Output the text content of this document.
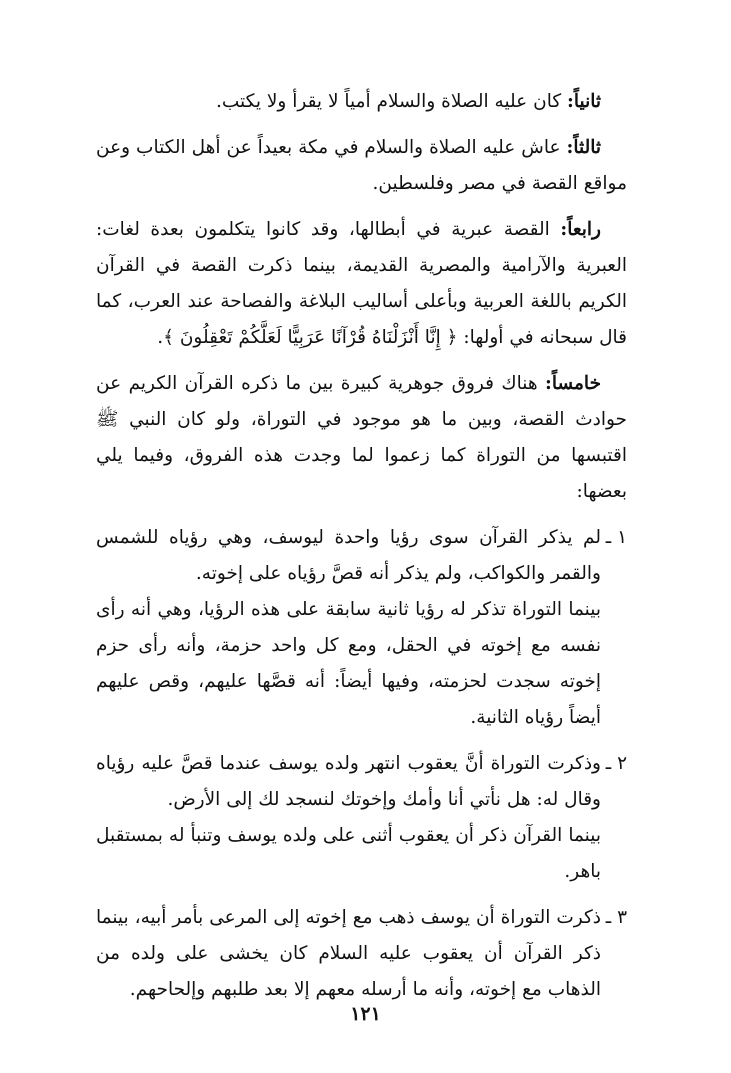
ثانياً: كان عليه الصلاة والسلام أمياً لا يقرأ ولا يكتب.

ثالثاً: عاش عليه الصلاة والسلام في مكة بعيداً عن أهل الكتاب وعن مواقع القصة في مصر وفلسطين.

رابعاً: القصة عبرية في أبطالها، وقد كانوا يتكلمون بعدة لغات: العبرية والآرامية والمصرية القديمة، بينما ذكرت القصة في القرآن الكريم باللغة العربية وبأعلى أساليب البلاغة والفصاحة عند العرب، كما قال سبحانه في أولها: ﴿ إِنَّا أَنْزَلْنَاهُ قُرْآنًا عَرَبِيًّا لَعَلَّكُمْ تَعْقِلُونَ ﴾.

خامساً: هناك فروق جوهرية كبيرة بين ما ذكره القرآن الكريم عن حوادث القصة، وبين ما هو موجود في التوراة، ولو كان النبي ﷺ اقتبسها من التوراة كما زعموا لما وجدت هذه الفروق، وفيما يلي بعضها:

١ ـ
لم يذكر القرآن سوى رؤيا واحدة ليوسف، وهي رؤياه للشمس والقمر والكواكب، ولم يذكر أنه قصَّ رؤياه على إخوته.

بينما التوراة تذكر له رؤيا ثانية سابقة على هذه الرؤيا، وهي أنه رأى نفسه مع إخوته في الحقل، ومع كل واحد حزمة، وأنه رأى حزم إخوته سجدت لحزمته، وفيها أيضاً: أنه قصَّها عليهم، وقص عليهم أيضاً رؤياه الثانية.

٢ ـ
وذكرت التوراة أنَّ يعقوب انتهر ولده يوسف عندما قصَّ عليه رؤياه وقال له: هل نأتي أنا وأمك وإخوتك لنسجد لك إلى الأرض.

بينما القرآن ذكر أن يعقوب أثنى على ولده يوسف وتنبأ له بمستقبل باهر.

٣ ـ
ذكرت التوراة أن يوسف ذهب مع إخوته إلى المرعى بأمر أبيه، بينما ذكر القرآن أن يعقوب عليه السلام كان يخشى على ولده من الذهاب مع إخوته، وأنه ما أرسله معهم إلا بعد طلبهم وإلحاحهم.
١٢١
